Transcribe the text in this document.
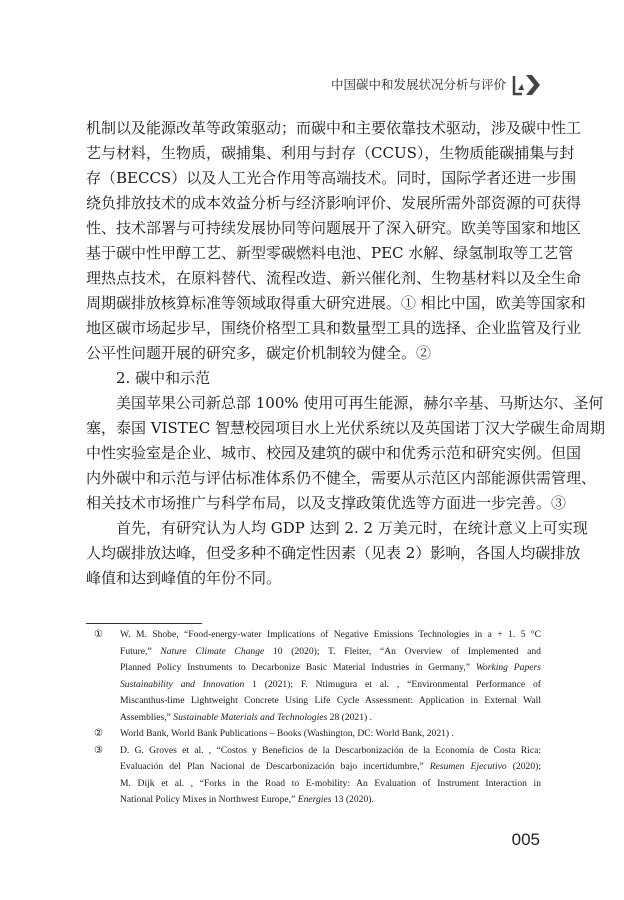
中国碳中和发展状况分析与评价
机制以及能源改革等政策驱动；而碳中和主要依靠技术驱动，涉及碳中性工
艺与材料，生物质，碳捕集、利用与封存（CCUS），生物质能碳捕集与封
存（BECCS）以及人工光合作用等高端技术。同时，国际学者还进一步围
绕负排放技术的成本效益分析与经济影响评价、发展所需外部资源的可获得
性、技术部署与可持续发展协同等问题展开了深入研究。欧美等国家和地区
基于碳中性甲醇工艺、新型零碳燃料电池、PEC 水解、绿氢制取等工艺管
理热点技术，在原料替代、流程改造、新兴催化剂、生物基材料以及全生命
周期碳排放核算标准等领域取得重大研究进展。① 相比中国，欧美等国家和
地区碳市场起步早，围绕价格型工具和数量型工具的选择、企业监管及行业
公平性问题开展的研究多，碳定价机制较为健全。②
2. 碳中和示范
美国苹果公司新总部 100% 使用可再生能源，赫尔辛基、马斯达尔、圣何
塞，泰国 VISTEC 智慧校园项目水上光伏系统以及英国诺丁汉大学碳生命周期
中性实验室是企业、城市、校园及建筑的碳中和优秀示范和研究实例。但国
内外碳中和示范与评估标准体系仍不健全，需要从示范区内部能源供需管理、
相关技术市场推广与科学布局，以及支撑政策优选等方面进一步完善。③
首先，有研究认为人均 GDP 达到 2. 2 万美元时，在统计意义上可实现
人均碳排放达峰，但受多种不确定性因素（见表 2）影响，各国人均碳排放
峰值和达到峰值的年份不同。
① W. M. Shobe, “Food-energy-water Implications of Negative Emissions Technologies in a + 1. 5 °C
Future,” Nature Climate Change 10 (2020); T. Fleiter, “An Overview of Implemented and
Planned Policy Instruments to Decarbonize Basic Material Industries in Germany,” Working Papers
Sustainability and Innovation 1 (2021); F. Ntimugura et al. , “Environmental Performance of
Miscanthus-lime Lightweight Concrete Using Life Cycle Assessment: Application in External Wall
Assemblies,” Sustainable Materials and Technologies 28 (2021) .
② World Bank, World Bank Publications – Books (Washington, DC: World Bank, 2021) .
③ D. G. Groves et al. , “Costos y Beneficios de la Descarbonización de la Economía de Costa Rica:
Evaluación del Plan Nacional de Descarbonización bajo incertidumbre,” Resumen Ejecutivo (2020);
M. Dijk et al. , “Forks in the Road to E-mobility: An Evaluation of Instrument Interaction in
National Policy Mixes in Northwest Europe,” Energies 13 (2020).
005
